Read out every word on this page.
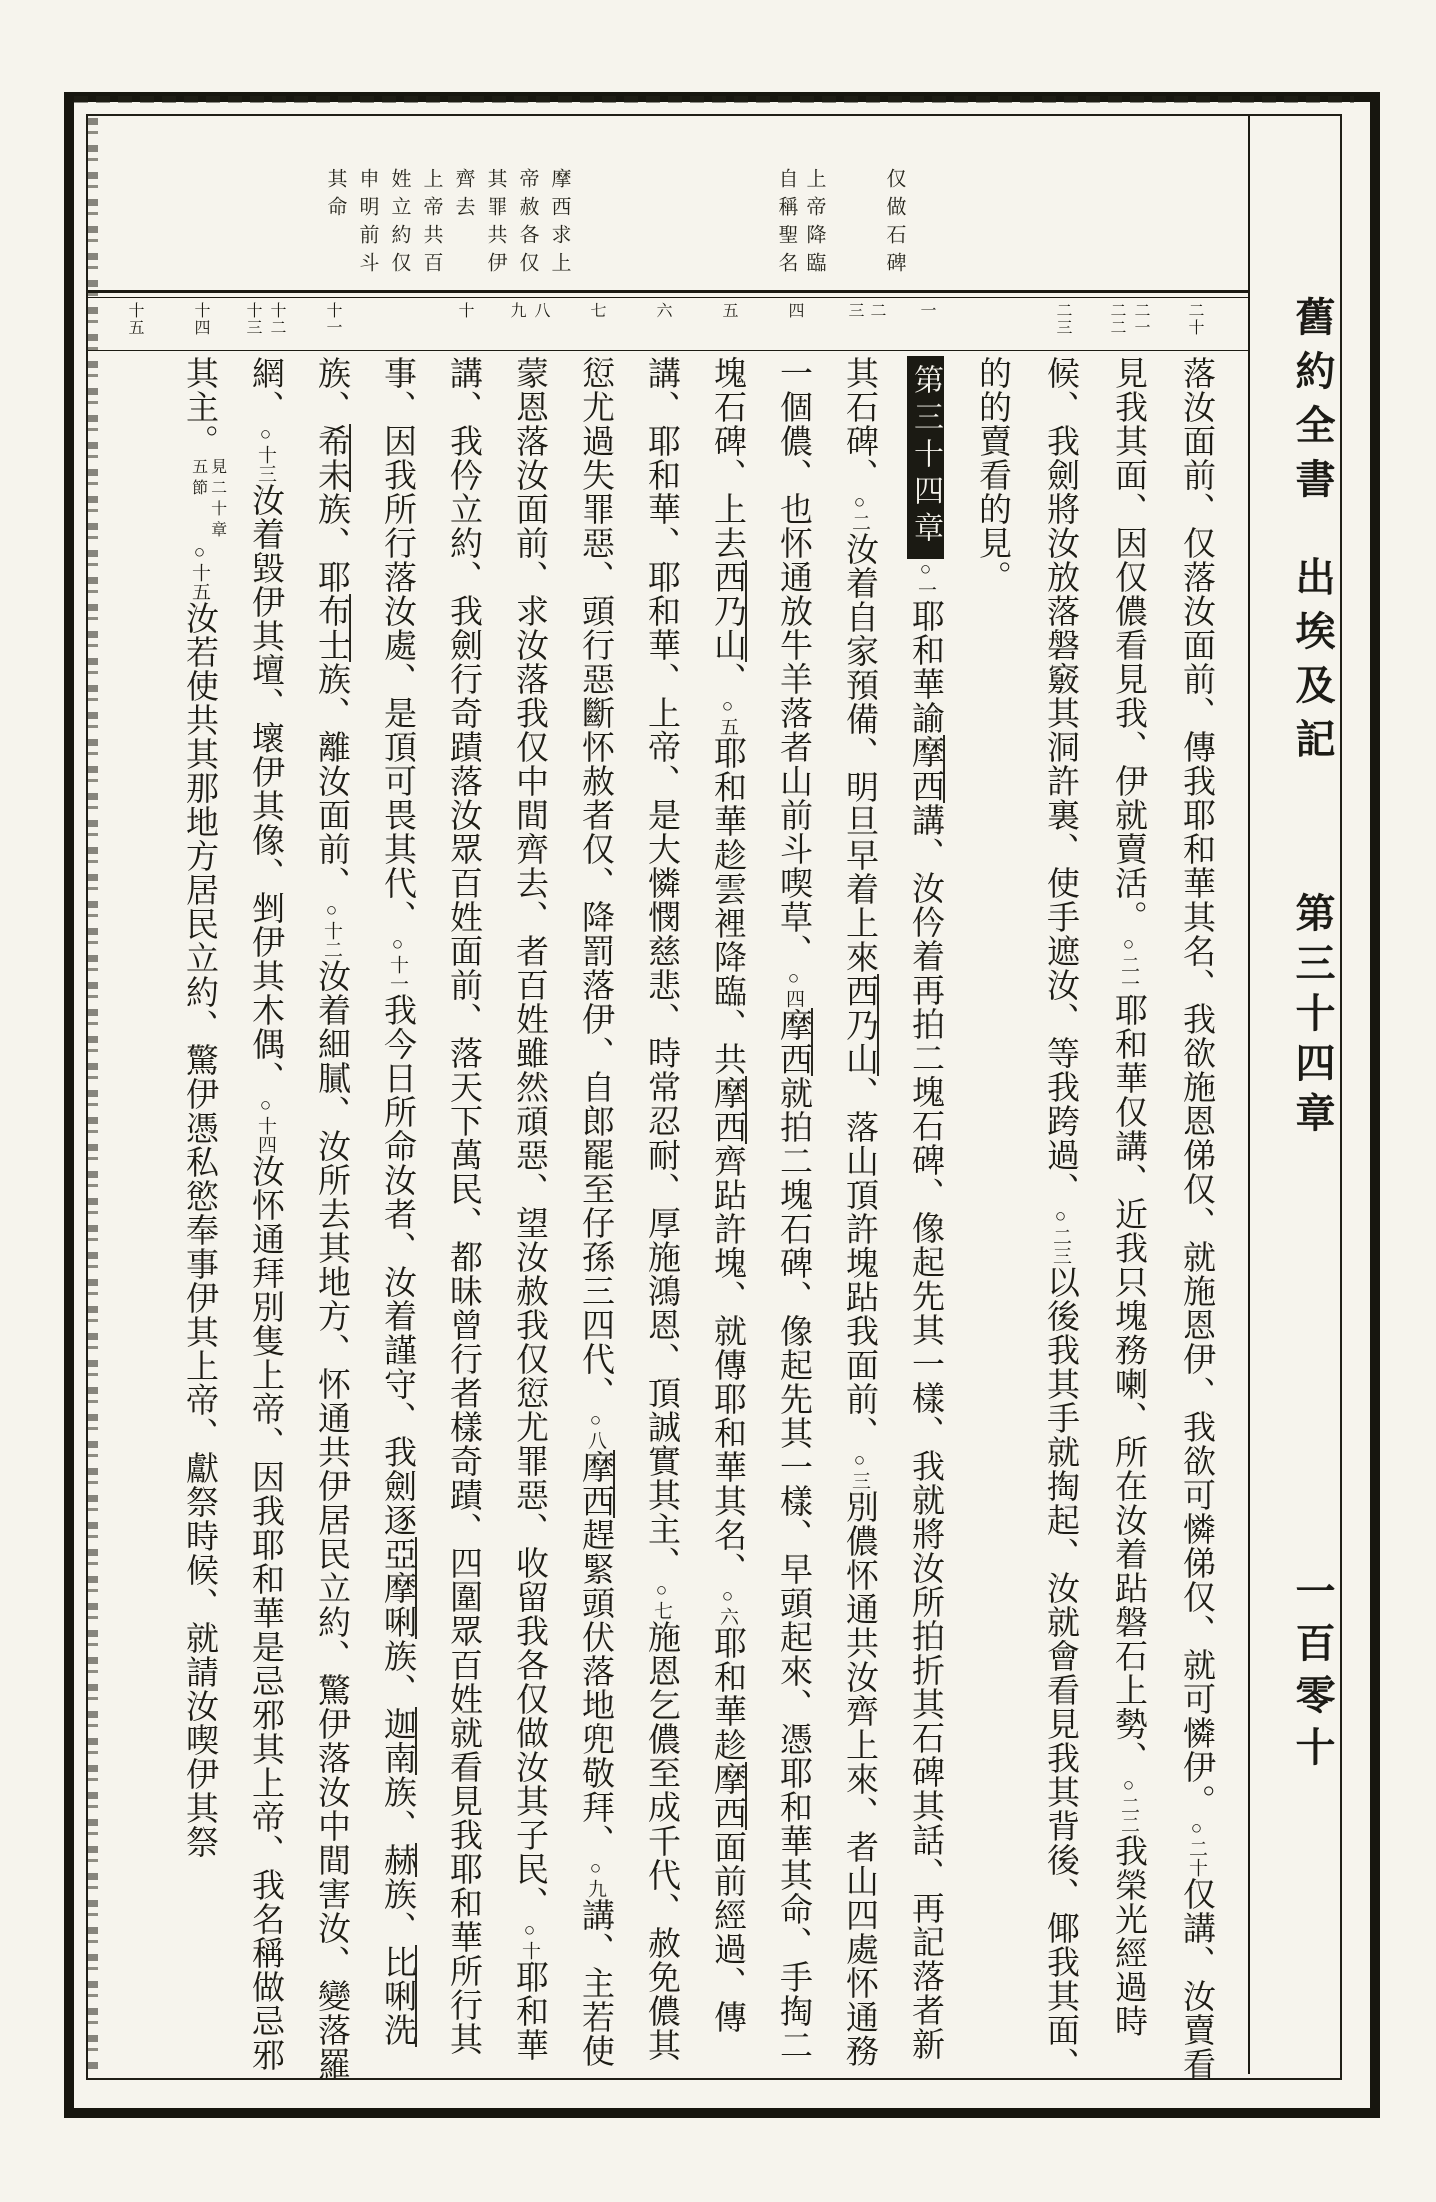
舊約全書
出埃及記
第三十四章
一百零十
仅做石碑
上帝降臨
自稱聖名
摩西求上
帝赦各仅
其罪共伊
齊去
上帝共百
姓立約仅
申明前斗
其命
二十
二一
二二
二三
一
二
三
四
五
六
七
八
九
十
十一
十二
十三
十四
十五
落汝面前、仅落汝面前、傳我耶和華其名、我欲施恩俤仅、就施恩伊、我欲可憐俤仅、就可憐伊。○二十仅講、汝賣看見我其面、因仅儂看見我、伊就賣活。○二一耶和華仅講、近我只塊務喇、所在汝着跕磐石上勢、○二二我榮光經過時候、我劍將汝放落磐竅其洞許裏、使手遮汝、等我跨過、○二三以後我其手就掏起、汝就會看見我其背後、倻我其面、的的賣看的見。
第三十四章○一耶和華諭摩西講、汝仱着再拍二塊石碑、像起先其一樣、我就將汝所拍折其石碑其話、再記落者新其石碑、○二汝着自家預備、明旦早着上來西乃山、落山頂許塊跕我面前、○三別儂怀通共汝齊上來、者山四處怀通務一個儂、也怀通放牛羊落者山前斗喫草、○四摩西就拍二塊石碑、像起先其一樣、早頭起來、憑耶和華其命、手掏二塊石碑、上去西乃山、○五耶和華趁雲裡降臨、共摩西齊跕許塊、就傳耶和華其名、○六耶和華趁摩西面前經過、傳講、耶和華、耶和華、上帝、是大憐憫慈悲、時常忍耐、厚施鴻恩、頂誠實其主、○七施恩乞儂至成千代、赦免儂其愆尤過失罪惡、頭行惡斷怀赦者仅、降罰落伊、自郎罷至仔孫三四代、○八摩西趕緊頭伏落地兜敬拜、○九講、主若使蒙恩落汝面前、求汝落我仅中間齊去、者百姓雖然頑惡、望汝赦我仅愆尤罪惡、收留我各仅做汝其子民、○十耶和華講、我仱立約、我劍行奇蹟落汝眾百姓面前、落天下萬民、都昧曾行者樣奇蹟、四圍眾百姓就看見我耶和華所行其事、因我所行落汝處、是頂可畏其代、○十一我今日所命汝者、汝着謹守、我劍逐亞摩唎族、迦南族、赫族、比唎洗族、希未族、耶布士族、離汝面前、○十二汝着細膩、汝所去其地方、怀通共伊居民立約、驚伊落汝中間害汝、變落羅網、○十三汝着毀伊其壇、壞伊其像、剉伊其木偶、○十四汝怀通拜別隻上帝、因我耶和華是忌邪其上帝、我名稱做忌邪其主。見二十章五節○十五汝若使共其那地方居民立約、驚伊憑私慾奉事伊其上帝、獻祭時候、就請汝喫伊其祭
